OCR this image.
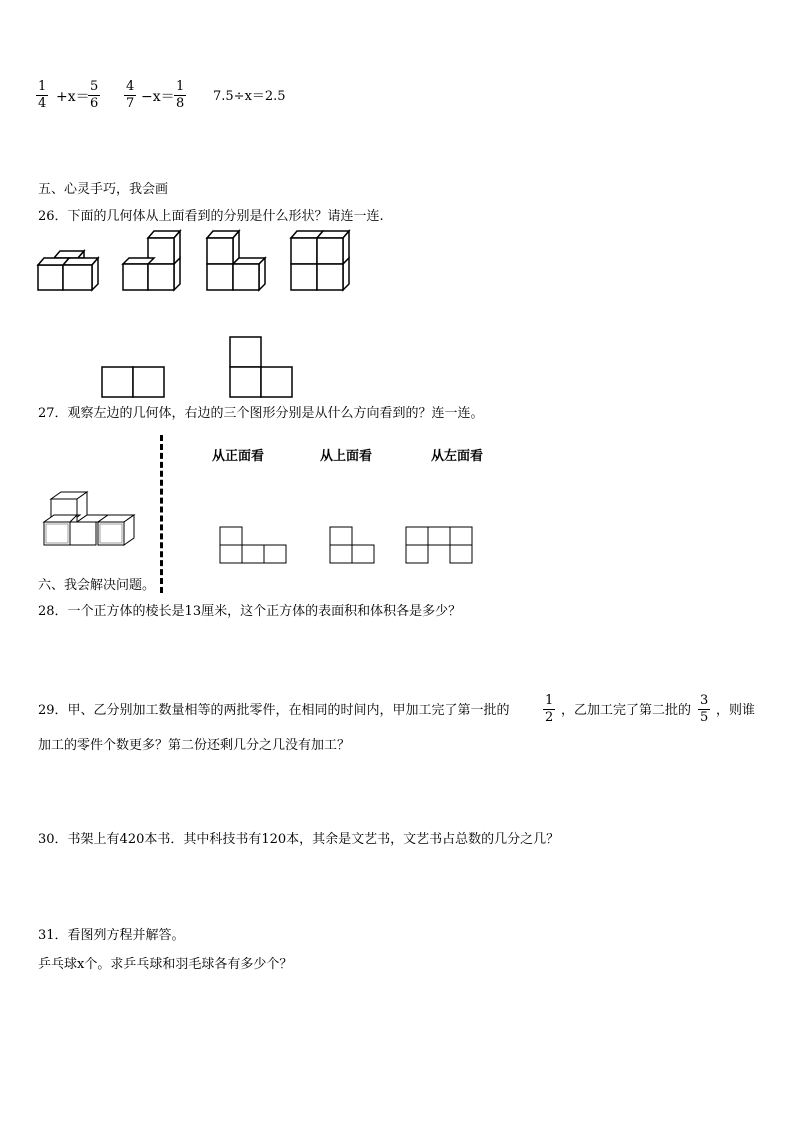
$\frac{1}{4} +x=$
$\frac{5}{6} \frac{4}{7} -x= \frac{1}{8} 7.5\div x=2.5$
五、心灵手巧，我会画
26．下面的几何体从上面看到的分别是什么形状？请连一连.
27．观察左边的几何体，右边的三个图形分别是从什么方向看到的？连一连。
从正面看	从上面看	从左面看
六、我会解决问题。
28．一个正方体的棱长是13厘米，这个正方体的表面积和体积各是多少？
29．甲、乙分别加工数量相等的两批零件，在相同的时间内，甲加工完了第一批的	$\frac{1}{2}$ ，乙加工完了第二批的 $\frac{3}{5}$ ，则谁
加工的零件个数更多？第二份还剩几分之几没有加工？
30．书架上有420本书．其中科技书有120本，其余是文艺书，文艺书占总数的几分之几？
31．看图列方程并解答。
乒乓球x个。求乒乓球和羽毛球各有多少个？
